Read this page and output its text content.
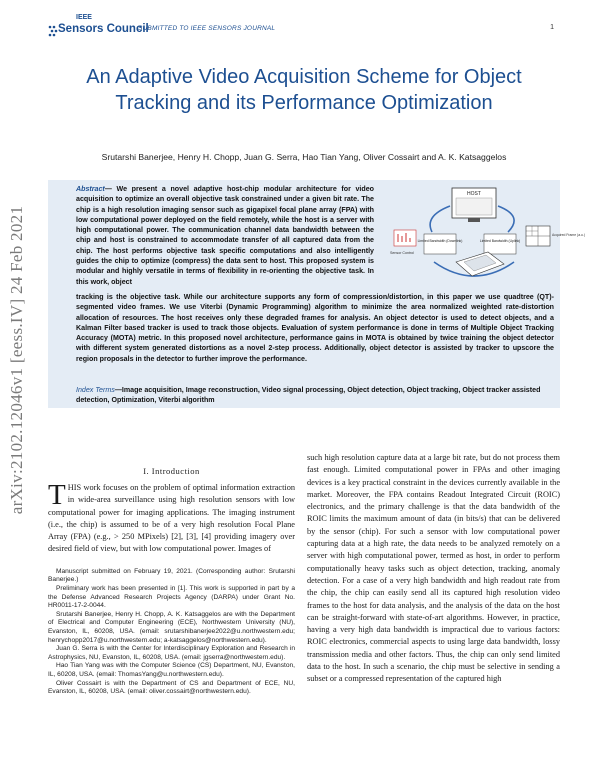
arXiv:2102.12046v1 [eess.IV] 24 Feb 2021
IEEE
Sensors Council
SUBMITTED TO IEEE SENSORS JOURNAL	1
An Adaptive Video Acquisition Scheme for Object Tracking and its Performance Optimization
Srutarshi Banerjee, Henry H. Chopp, Juan G. Serra, Hao Tian Yang, Oliver Cossairt and A. K. Katsaggelos
Abstract— We present a novel adaptive host-chip modular architecture for video acquisition to optimize an overall objective task constrained under a given bit rate. The chip is a high resolution imaging sensor such as gigapixel focal plane array (FPA) with low computational power deployed on the field remotely, while the host is a server with high computational power. The communication channel data bandwidth between the chip and host is constrained to accommodate transfer of all captured data from the chip. The host performs objective task specific computations and also intelligently guides the chip to optimize (compress) the data sent to host. This proposed system is modular and highly versatile in terms of flexibility in re-orienting the objective task. In this work, object
HOST
Sensor Control
Limited Bandwidth (Downlink)	Limited Bandwidth (Uplink)
Acquired Frame (a.u.)
tracking is the objective task. While our architecture supports any form of compression/distortion, in this paper we use quadtree (QT)-segmented video frames. We use Viterbi (Dynamic Programming) algorithm to minimize the area normalized weighted rate-distortion allocation of resources. The host receives only these degraded frames for analysis. An object detector is used to detect objects, and a Kalman Filter based tracker is used to track those objects. Evaluation of system performance is done in terms of Multiple Object Tracking Accuracy (MOTA) metric. In this proposed novel architecture, performance gains in MOTA is obtained by twice training the object detector with different system generated distortions as a novel 2-step process. Additionally, object detector is assisted by tracker to upscore the region proposals in the detector to further improve the performance.
Index Terms—Image acquisition, Image reconstruction, Video signal processing, Object detection, Object tracking, Object tracker assisted detection, Optimization, Viterbi algorithm
I. Introduction
THIS work focuses on the problem of optimal information extraction in wide-area surveillance using high resolution sensors with low computational power for imaging applications. The imaging instrument (i.e., the chip) is assumed to be of a very high resolution Focal Plane Array (FPA) (e.g., > 250 MPixels) [2], [3], [4] providing imagery over desired field of view, but with low computational power. Images of

Manuscript submitted on February 19, 2021. (Corresponding author: Srutarshi Banerjee.)

Preliminary work has been presented in [1]. This work is supported in part by a the Defense Advanced Research Projects Agency (DARPA) under Grant No. HR0011-17-2-0044.

Srutarshi Banerjee, Henry H. Chopp, A. K. Katsaggelos are with the Department of Electrical and Computer Engineering (ECE), Northwestern University (NU), Evanston, IL, 60208, USA. (email: srutarshibanerjee2022@u.northwestern.edu; henrychopp2017@u.northwestern.edu; a-katsaggelos@northwestern.edu).

Juan G. Serra is with the Center for Interdisciplinary Exploration and Research in Astrophysics, NU, Evanston, IL, 60208, USA. (email: jgserra@northwestern.edu).

Hao Tian Yang was with the Computer Science (CS) Department, NU, Evanston, IL, 60208, USA. (email: ThomasYang@u.northwestern.edu).

Oliver Cossairt is with the Department of CS and Department of ECE, NU, Evanston, IL, 60208, USA. (email: oliver.cossairt@northwestern.edu).

such high resolution capture data at a large bit rate, but do not process them fast enough. Limited computational power in FPAs and other imaging devices is a key practical constraint in the devices currently available in the market. Moreover, the FPA contains Readout Integrated Circuit (ROIC) electronics, and the primary challenge is that the data bandwidth of the ROIC limits the maximum amount of data (in bits/s) that can be delivered by the sensor (chip). For such a sensor with low computational power capturing data at a high rate, the data needs to be analyzed remotely on a server with high computational power, termed as host, in order to perform computationally heavy tasks such as object detection, tracking, anomaly detection. For a case of a very high bandwidth and high readout rate from the chip, the chip can easily send all its captured high resolution video frames to the host for data analysis, and the analysis of the data on the host can be straight-forward with state-of-art algorithms. However, in practice, having a very high data bandwidth is impractical due to various factors: ROIC electronics, commercial aspects to using large data bandwidth, lossy transmission media and other factors. Thus, the chip can only send limited data to the host. In such a scenario, the chip must be selective in sending a subset or a compressed representation of the captured high
